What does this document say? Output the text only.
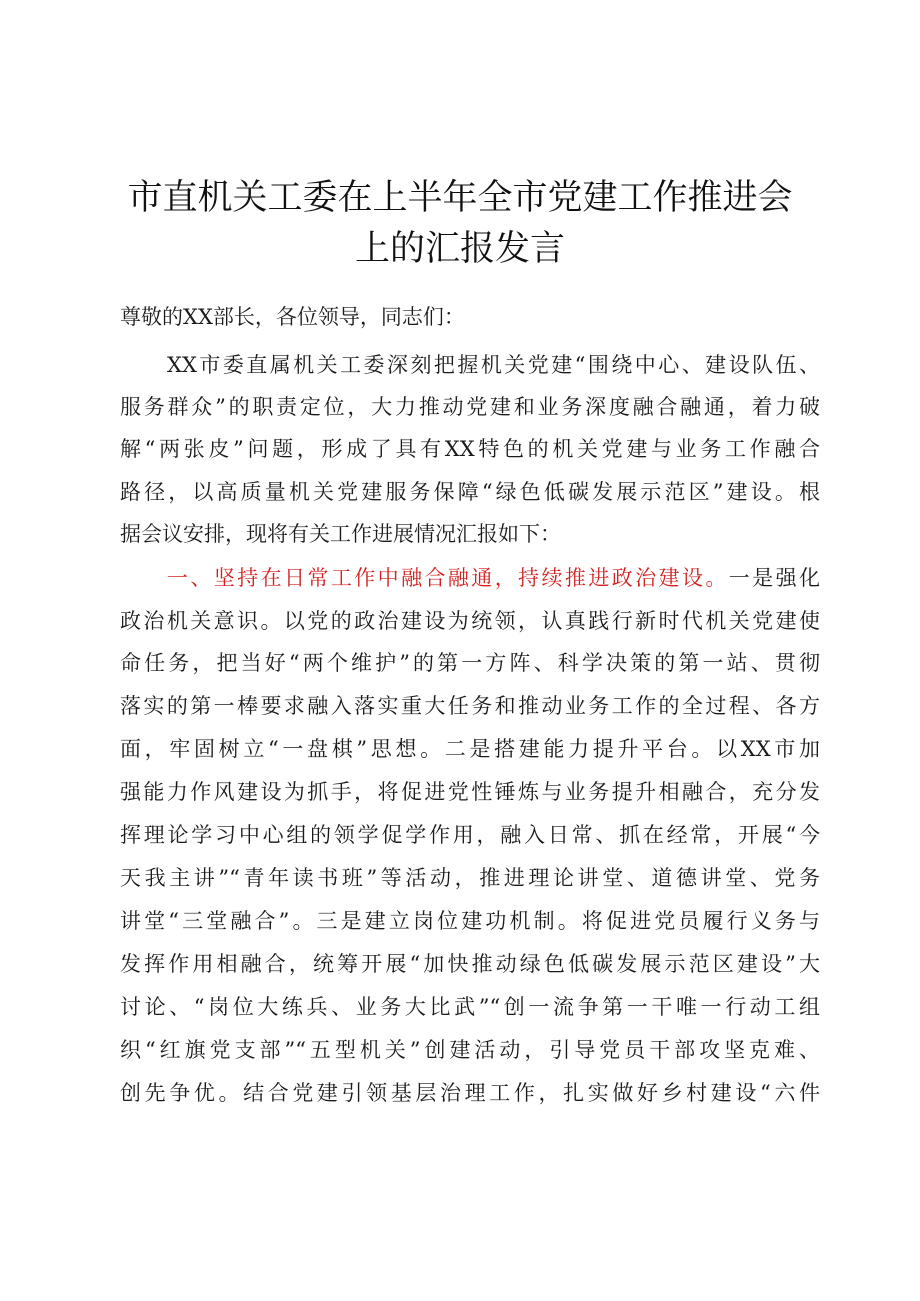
市直机关工委在上半年全市党建工作推进会
上的汇报发言

尊敬的XX部长，各位领导，同志们：

XX市委直属机关工委深刻把握机关党建“围绕中心、建设队伍、

服务群众”的职责定位，大力推动党建和业务深度融合融通，着力破

解“两张皮”问题，形成了具有XX特色的机关党建与业务工作融合

路径，以高质量机关党建服务保障“绿色低碳发展示范区”建设。根

据会议安排，现将有关工作进展情况汇报如下：

一、坚持在日常工作中融合融通，持续推进政治建设。一是强化

政治机关意识。以党的政治建设为统领，认真践行新时代机关党建使

命任务，把当好“两个维护”的第一方阵、科学决策的第一站、贯彻

落实的第一棒要求融入落实重大任务和推动业务工作的全过程、各方

面，牢固树立“一盘棋”思想。二是搭建能力提升平台。以XX市加

强能力作风建设为抓手，将促进党性锤炼与业务提升相融合，充分发

挥理论学习中心组的领学促学作用，融入日常、抓在经常，开展“今

天我主讲”“青年读书班”等活动，推进理论讲堂、道德讲堂、党务

讲堂“三堂融合”。三是建立岗位建功机制。将促进党员履行义务与

发挥作用相融合，统筹开展“加快推动绿色低碳发展示范区建设”大

讨论、“岗位大练兵、业务大比武”“创一流争第一干唯一行动工组

织“红旗党支部”“五型机关”创建活动，引导党员干部攻坚克难、

创先争优。结合党建引领基层治理工作，扎实做好乡村建设“六件
